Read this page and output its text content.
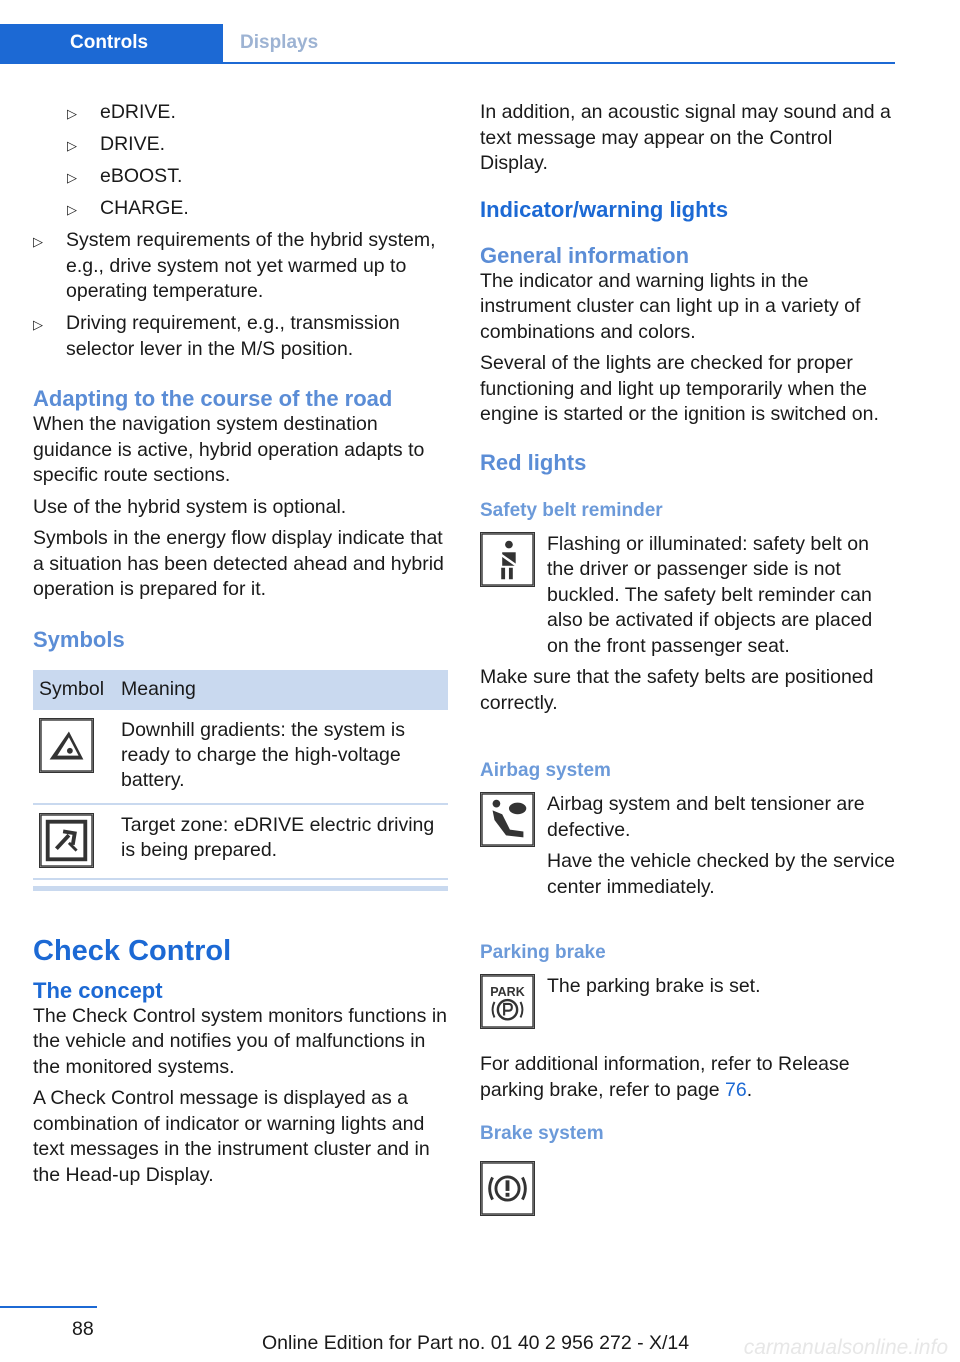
Controls	Displays
▷ eDRIVE.
▷ DRIVE.
▷ eBOOST.
▷ CHARGE.
▷ System requirements of the hybrid system, e.g., drive system not yet warmed up to operating temperature.
▷ Driving requirement, e.g., transmission selector lever in the M/S position.
Adapting to the course of the road

When the navigation system destination guidance is active, hybrid operation adapts to specific route sections.

Use of the hybrid system is optional.

Symbols in the energy flow display indicate that a situation has been detected ahead and hybrid operation is prepared for it.

Symbols
Symbol	Meaning

	Downhill gradients: the system is ready to charge the high-voltage battery.

	Target zone: eDRIVE electric driving is being prepared.
Check Control
The concept

The Check Control system monitors functions in the vehicle and notifies you of malfunctions in the monitored systems.

A Check Control message is displayed as a combination of indicator or warning lights and text messages in the instrument cluster and in the Head-up Display.

In addition, an acoustic signal may sound and a text message may appear on the Control Display.

Indicator/warning lights
General information

The indicator and warning lights in the instrument cluster can light up in a variety of combinations and colors.

Several of the lights are checked for proper functioning and light up temporarily when the engine is started or the ignition is switched on.

Red lights
Safety belt reminder

Flashing or illuminated: safety belt on the driver or passenger side is not buckled. The safety belt reminder can also be activated if objects are placed on the front passenger seat.

Make sure that the safety belts are positioned correctly.

Airbag system

Airbag system and belt tensioner are defective.

Have the vehicle checked by the service center immediately.

Parking brake
PARK	The parking brake is set.

For additional information, refer to Release parking brake, refer to page 76.

Brake system
88
Online Edition for Part no. 01 40 2 956 272 - X/14	carmanualsonline.info
